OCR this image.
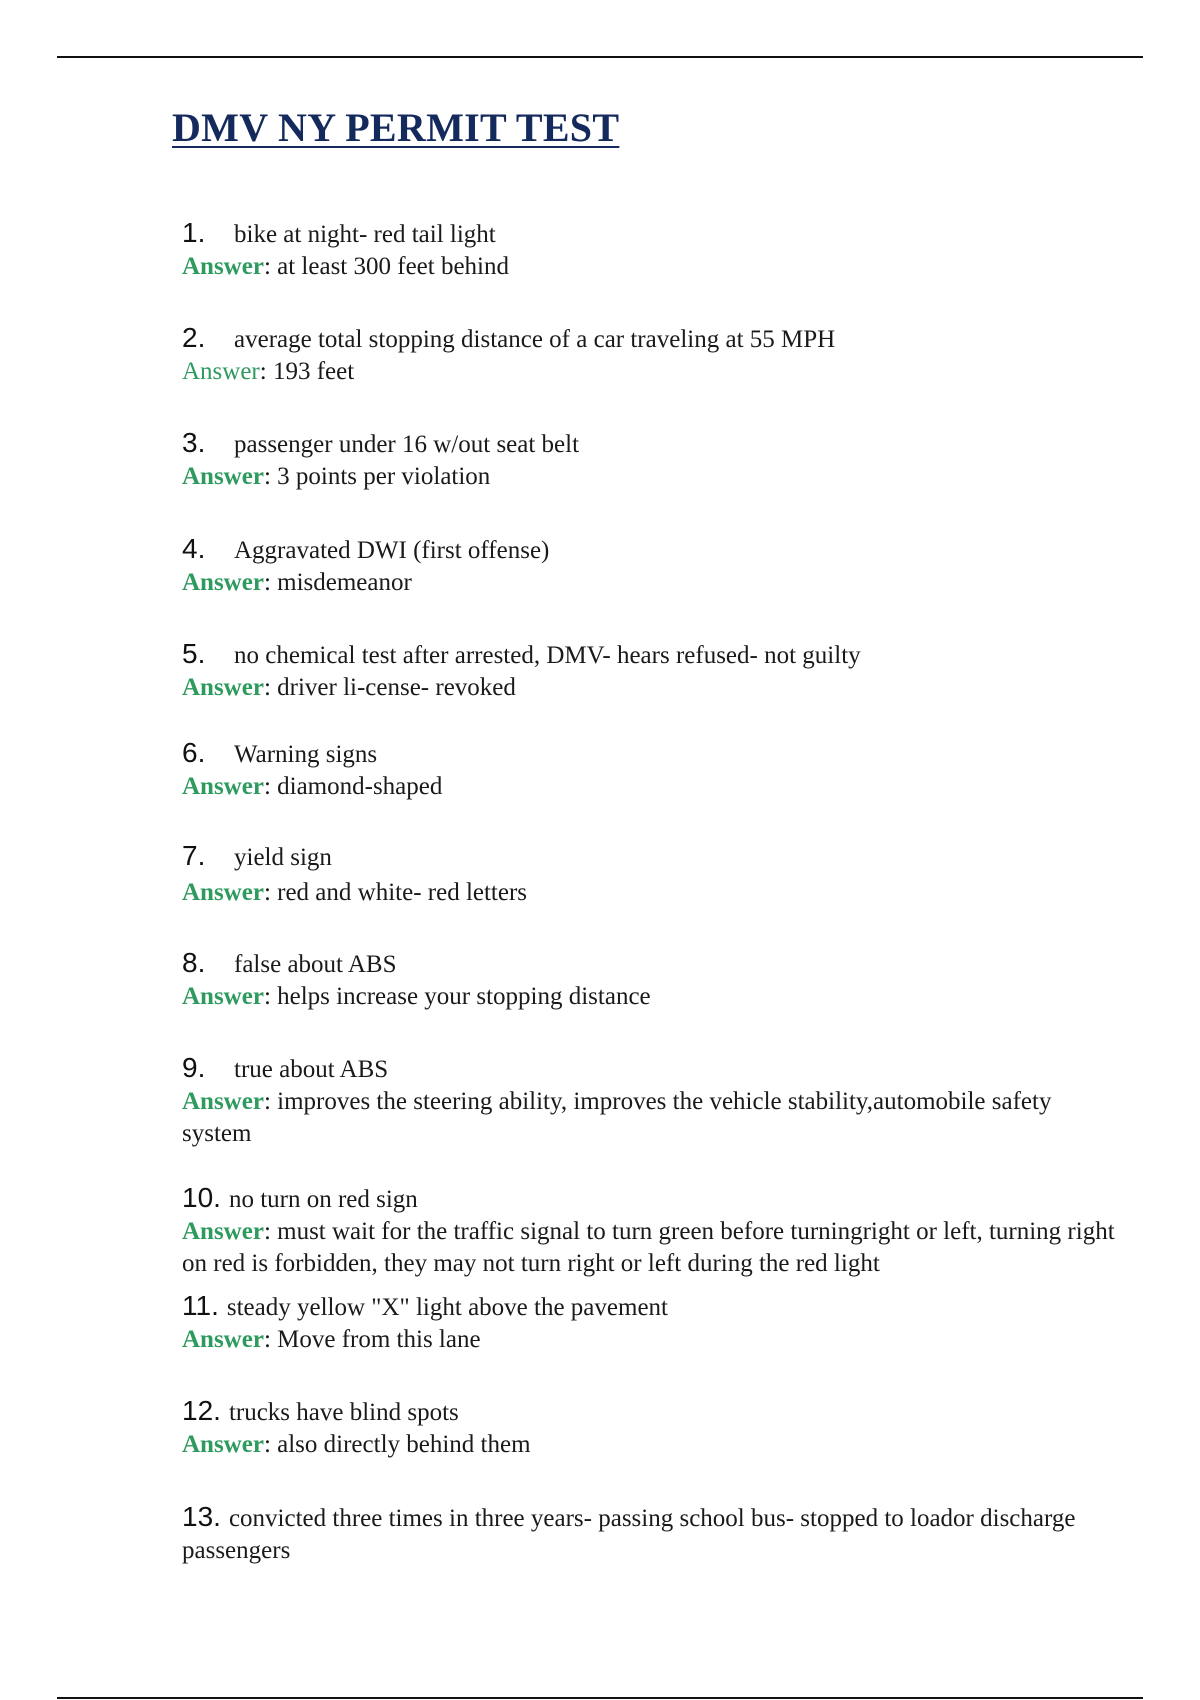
DMV NY PERMIT TEST
1. bike at night- red tail light
Answer: at least 300 feet behind
2. average total stopping distance of a car traveling at 55 MPH
Answer: 193 feet
3. passenger under 16 w/out seat belt
Answer: 3 points per violation
4. Aggravated DWI (first offense)
Answer: misdemeanor
5. no chemical test after arrested, DMV- hears refused- not guilty
Answer: driver li-cense- revoked
6. Warning signs
Answer: diamond-shaped
7. yield sign
Answer: red and white- red letters
8. false about ABS
Answer: helps increase your stopping distance
9. true about ABS
Answer: improves the steering ability, improves the vehicle stability,automobile safety system
10. no turn on red sign
Answer: must wait for the traffic signal to turn green before turningright or left, turning right on red is forbidden, they may not turn right or left during the red light
11. steady yellow "X" light above the pavement
Answer: Move from this lane
12. trucks have blind spots
Answer: also directly behind them
13. convicted three times in three years- passing school bus- stopped to loador discharge passengers
